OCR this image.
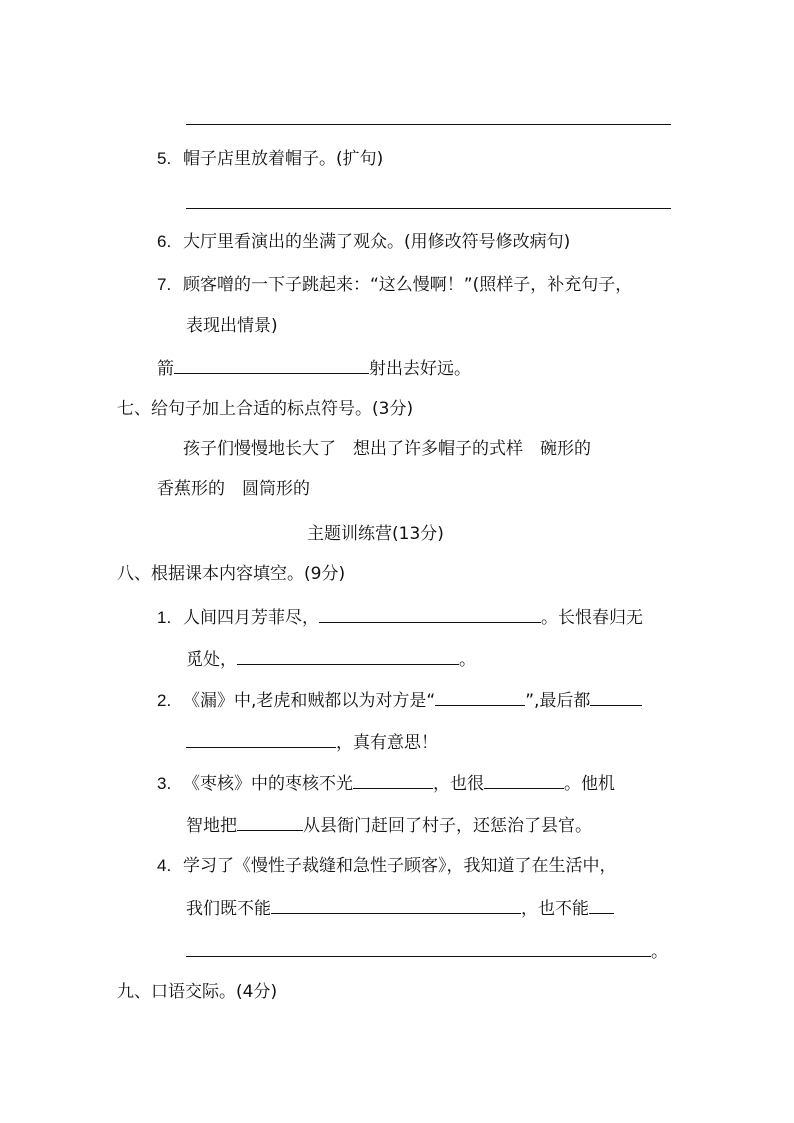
5. 帽子店里放着帽子。(扩句)
6. 大厅里看演出的坐满了观众。(用修改符号修改病句)
7. 顾客噌的一下子跳起来：“这么慢啊！”(照样子，补充句子，
表现出情景)
箭	射出去好远。
七、给句子加上合适的标点符号。(3分)
孩子们慢慢地长大了　想出了许多帽子的式样　碗形的
香蕉形的　圆筒形的
主题训练营(13分)
八、根据课本内容填空。(9分)
1. 人间四月芳菲尽，	。长恨春归无
觅处，	。
2. 《漏》中,老虎和贼都以为对方是“	”,最后都
，真有意思！
3. 《枣核》中的枣核不光	，也很	。他机
智地把	从县衙门赶回了村子，还惩治了县官。
4. 学习了《慢性子裁缝和急性子顾客》，我知道了在生活中，
我们既不能	，也不能
。
九、口语交际。(4分)
